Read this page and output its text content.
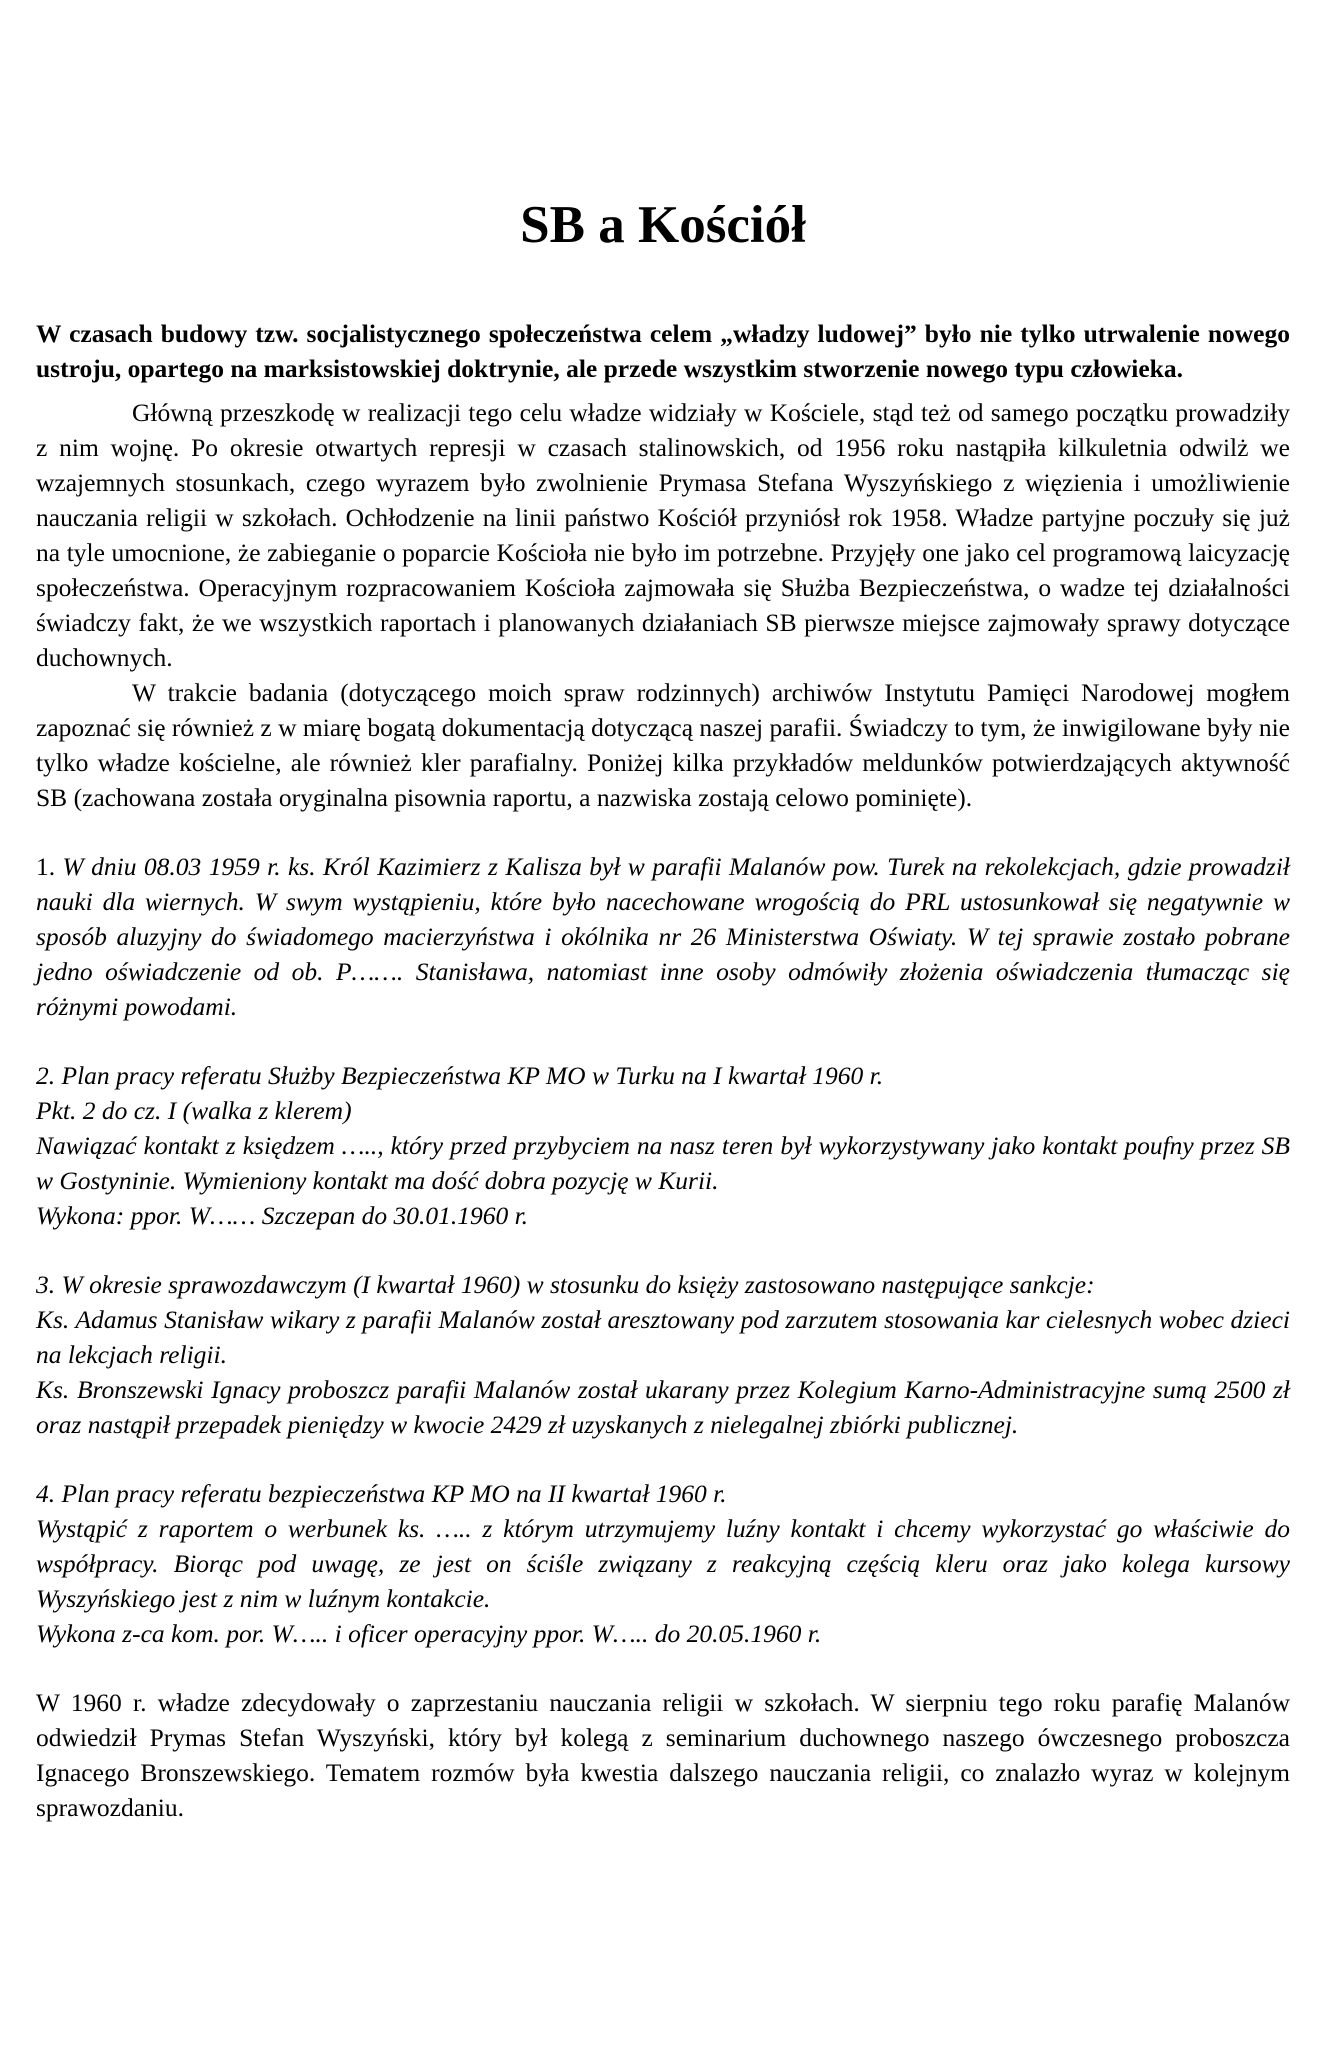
SB a Kościół

W czasach budowy tzw. socjalistycznego społeczeństwa celem „władzy ludowej” było nie tylko utrwalenie nowego ustroju, opartego na marksistowskiej doktrynie, ale przede wszystkim stworzenie nowego typu człowieka.

Główną przeszkodę w realizacji tego celu władze widziały w Kościele, stąd też od samego początku prowadziły z nim wojnę. Po okresie otwartych represji w czasach stalinowskich, od 1956 roku nastąpiła kilkuletnia odwilż we wzajemnych stosunkach, czego wyrazem było zwolnienie Prymasa Stefana Wyszyńskiego z więzienia i umożliwienie nauczania religii w szkołach. Ochłodzenie na linii państwo Kościół przyniósł rok 1958. Władze partyjne poczuły się już na tyle umocnione, że zabieganie o poparcie Kościoła nie było im potrzebne. Przyjęły one jako cel programową laicyzację społeczeństwa. Operacyjnym rozpracowaniem Kościoła zajmowała się Służba Bezpieczeństwa, o wadze tej działalności świadczy fakt, że we wszystkich raportach i planowanych działaniach SB pierwsze miejsce zajmowały sprawy dotyczące duchownych.

W trakcie badania (dotyczącego moich spraw rodzinnych) archiwów Instytutu Pamięci Narodowej mogłem zapoznać się również z w miarę bogatą dokumentacją dotyczącą naszej parafii. Świadczy to tym, że inwigilowane były nie tylko władze kościelne, ale również kler parafialny. Poniżej kilka przykładów meldunków potwierdzających aktywność SB (zachowana została oryginalna pisownia raportu, a nazwiska zostają celowo pominięte).

1. W dniu 08.03 1959 r. ks. Król Kazimierz z Kalisza był w parafii Malanów pow. Turek na rekolekcjach, gdzie prowadził nauki dla wiernych. W swym wystąpieniu, które było nacechowane wrogością do PRL ustosunkował się negatywnie w sposób aluzyjny do świadomego macierzyństwa i okólnika nr 26 Ministerstwa Oświaty. W tej sprawie zostało pobrane jedno oświadczenie od ob. P……. Stanisława, natomiast inne osoby odmówiły złożenia oświadczenia tłumacząc się różnymi powodami.

2. Plan pracy referatu Służby Bezpieczeństwa KP MO w Turku na I kwartał 1960 r.

Pkt. 2 do cz. I (walka z klerem)

Nawiązać kontakt z księdzem ….., który przed przybyciem na nasz teren był wykorzystywany jako kontakt poufny przez SB w Gostyninie. Wymieniony kontakt ma dość dobra pozycję w Kurii.

Wykona: ppor. W…… Szczepan do 30.01.1960 r.

3. W okresie sprawozdawczym (I kwartał 1960) w stosunku do księży zastosowano następujące sankcje:

Ks. Adamus Stanisław wikary z parafii Malanów został aresztowany pod zarzutem stosowania kar cielesnych wobec dzieci na lekcjach religii.

Ks. Bronszewski Ignacy proboszcz parafii Malanów został ukarany przez Kolegium Karno-Administracyjne sumą 2500 zł oraz nastąpił przepadek pieniędzy w kwocie 2429 zł uzyskanych z nielegalnej zbiórki publicznej.

4. Plan pracy referatu bezpieczeństwa KP MO na II kwartał 1960 r.

Wystąpić z raportem o werbunek ks. ….. z którym utrzymujemy luźny kontakt i chcemy wykorzystać go właściwie do współpracy. Biorąc pod uwagę, ze jest on ściśle związany z reakcyjną częścią kleru oraz jako kolega kursowy Wyszyńskiego jest z nim w luźnym kontakcie.

Wykona z-ca kom. por. W….. i oficer operacyjny ppor. W….. do 20.05.1960 r.

W 1960 r. władze zdecydowały o zaprzestaniu nauczania religii w szkołach. W sierpniu tego roku parafię Malanów odwiedził Prymas Stefan Wyszyński, który był kolegą z seminarium duchownego naszego ówczesnego proboszcza Ignacego Bronszewskiego. Tematem rozmów była kwestia dalszego nauczania religii, co znalazło wyraz w kolejnym sprawozdaniu.
